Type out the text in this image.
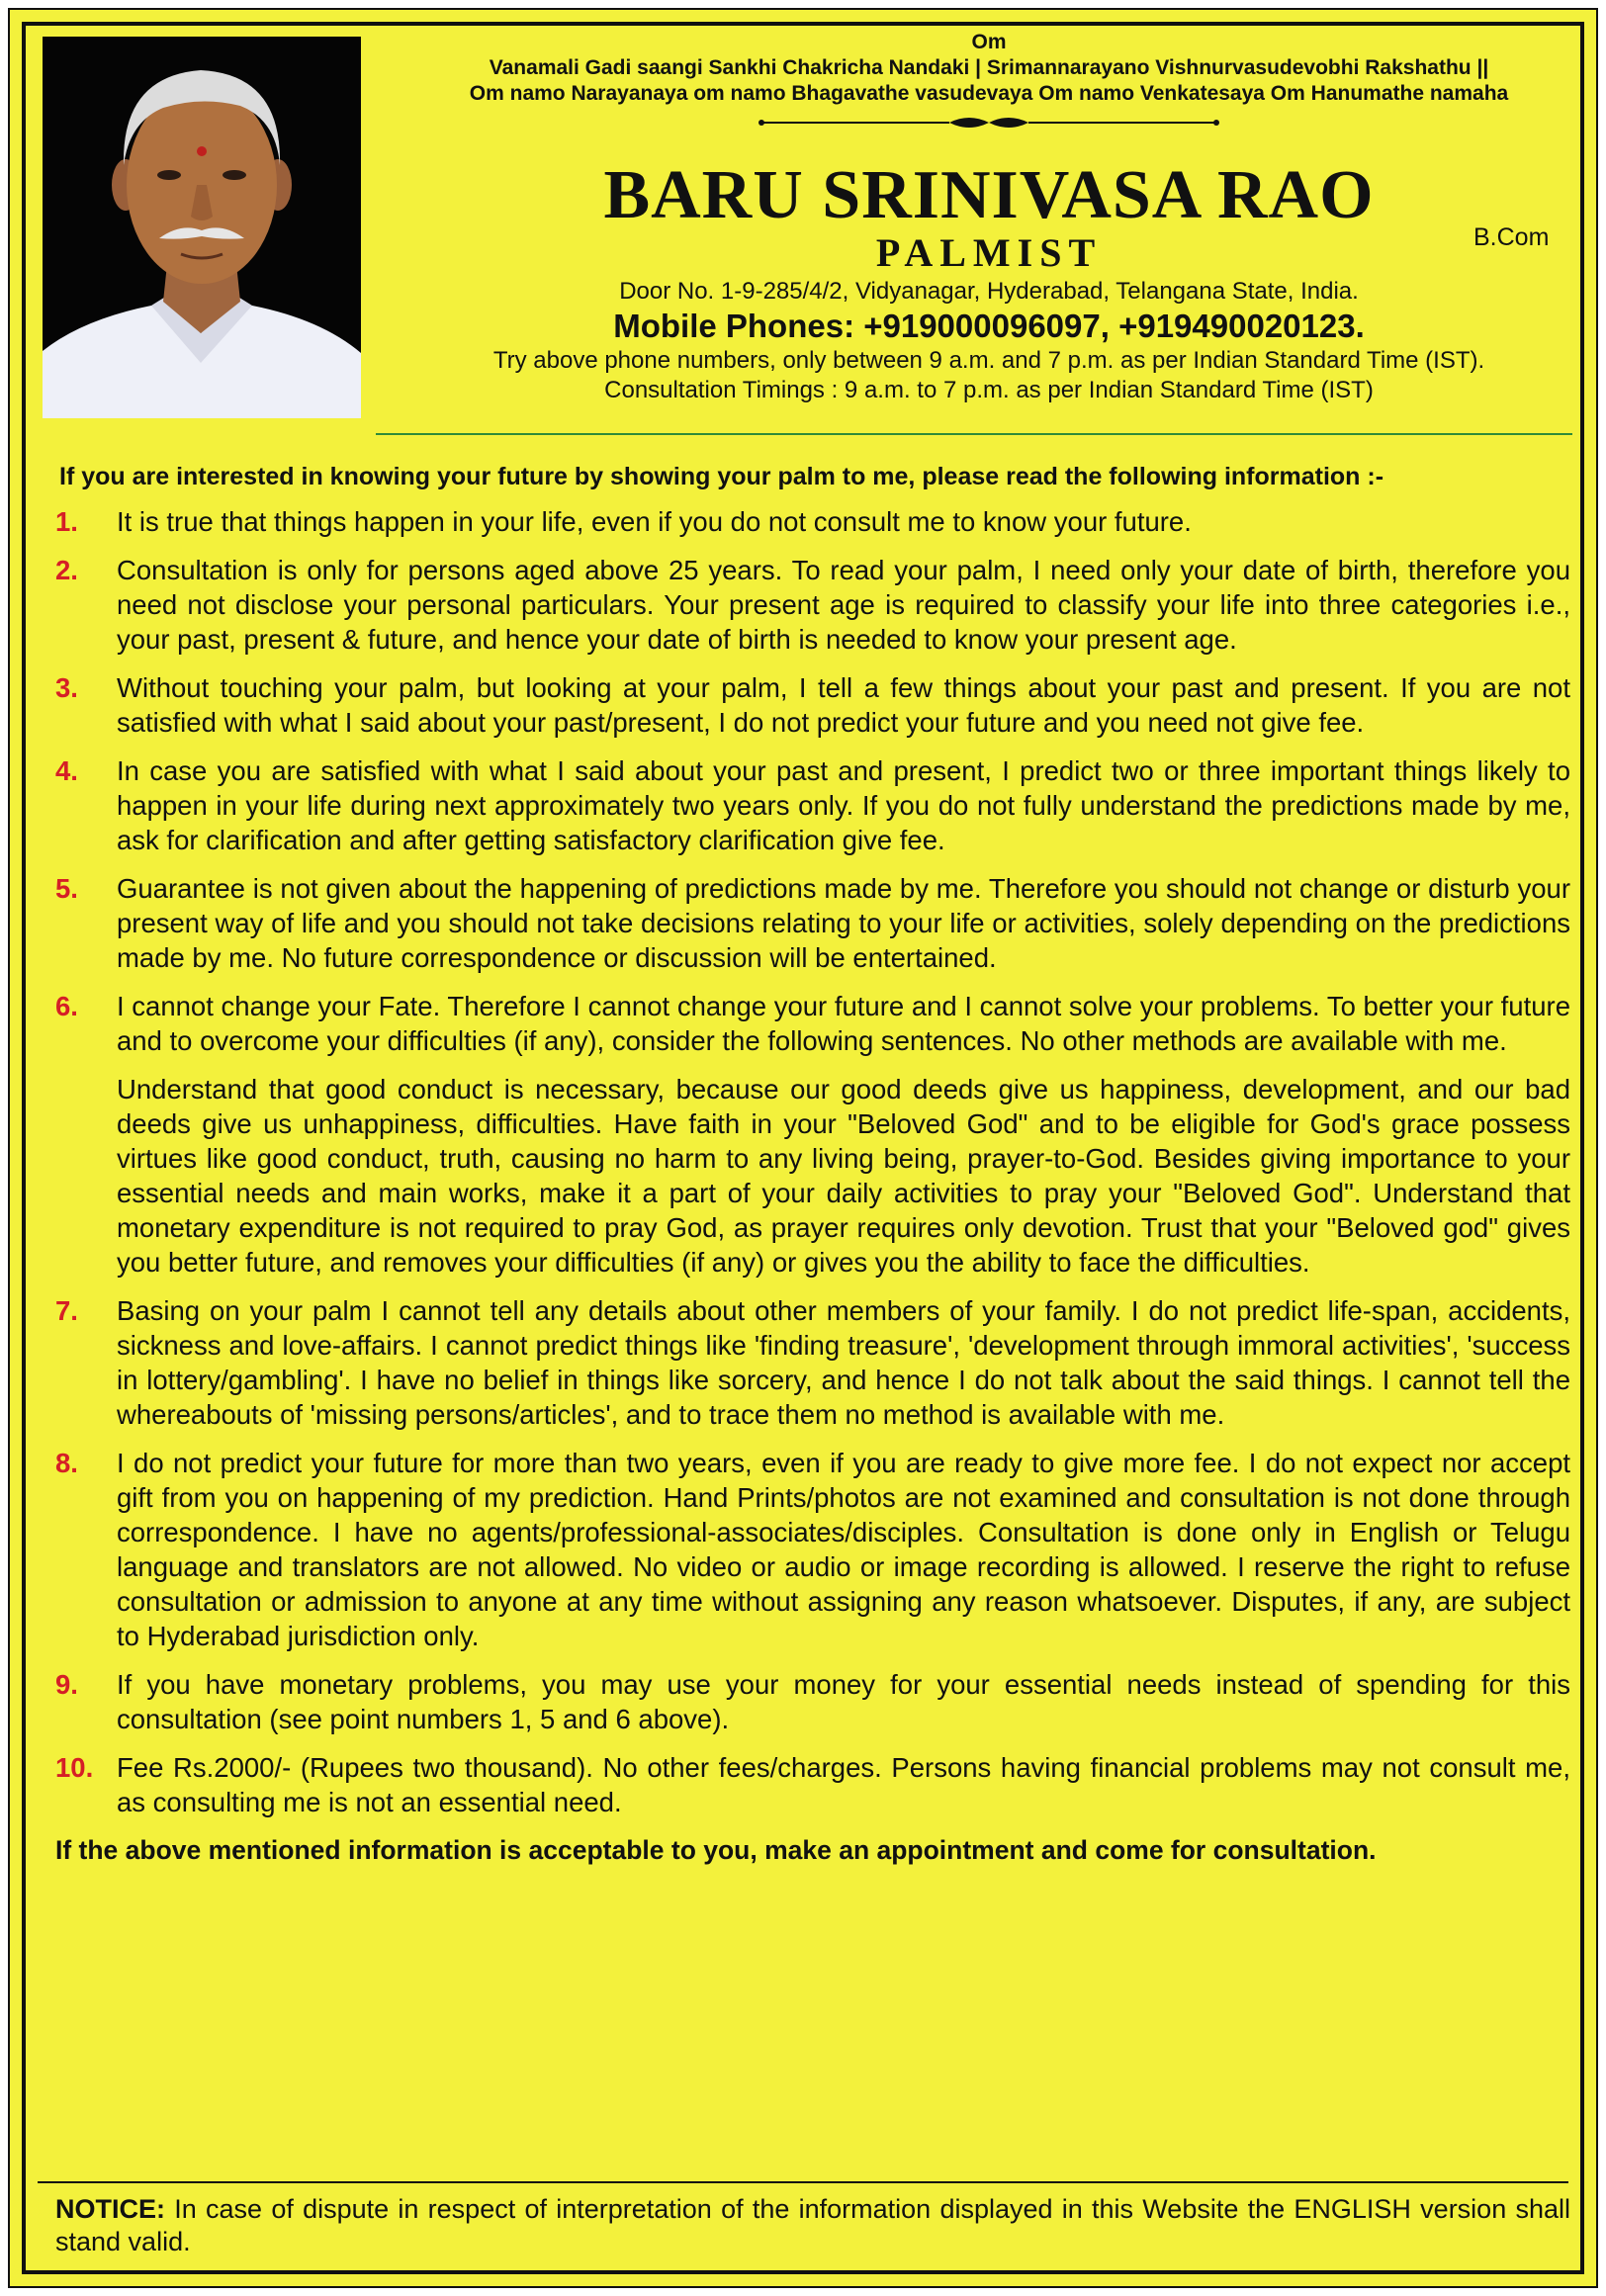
Om
Vanamali Gadi saangi Sankhi Chakricha Nandaki | Srimannarayano Vishnurvasudevobhi Rakshathu ||
Om namo Narayanaya om namo Bhagavathe vasudevaya Om namo Venkatesaya Om Hanumathe namaha
BARU SRINIVASA RAO
PALMIST	B.Com
Door No. 1-9-285/4/2, Vidyanagar, Hyderabad, Telangana State, India.
Mobile Phones: +919000096097, +919490020123.
Try above phone numbers, only between 9 a.m. and 7 p.m. as per Indian Standard Time (IST).
Consultation Timings : 9 a.m. to 7 p.m. as per Indian Standard Time (IST)
If you are interested in knowing your future by showing your palm to me, please read the following information :-
1. It is true that things happen in your life, even if you do not consult me to know your future.
2. Consultation is only for persons aged above 25 years. To read your palm, I need only your date of birth, therefore you need not disclose your personal particulars. Your present age is required to classify your life into three categories i.e., your past, present & future, and hence your date of birth is needed to know your present age.
3. Without touching your palm, but looking at your palm, I tell a few things about your past and present. If you are not satisfied with what I said about your past/present, I do not predict your future and you need not give fee.
4. In case you are satisfied with what I said about your past and present, I predict two or three important things likely to happen in your life during next approximately two years only. If you do not fully understand the predictions made by me, ask for clarification and after getting satisfactory clarification give fee.
5. Guarantee is not given about the happening of predictions made by me. Therefore you should not change or disturb your present way of life and you should not take decisions relating to your life or activities, solely depending on the predictions made by me. No future correspondence or discussion will be entertained.
6. I cannot change your Fate. Therefore I cannot change your future and I cannot solve your problems. To better your future and to overcome your difficulties (if any), consider the following sentences. No other methods are available with me.
Understand that good conduct is necessary, because our good deeds give us happiness, development, and our bad deeds give us unhappiness, difficulties. Have faith in your "Beloved God" and to be eligible for God's grace possess virtues like good conduct, truth, causing no harm to any living being, prayer-to-God. Besides giving importance to your essential needs and main works, make it a part of your daily activities to pray your "Beloved God". Understand that monetary expenditure is not required to pray God, as prayer requires only devotion. Trust that your "Beloved god" gives you better future, and removes your difficulties (if any) or gives you the ability to face the difficulties.
7. Basing on your palm I cannot tell any details about other members of your family. I do not predict life-span, accidents, sickness and love-affairs. I cannot predict things like 'finding treasure', 'development through immoral activities', 'success in lottery/gambling'. I have no belief in things like sorcery, and hence I do not talk about the said things. I cannot tell the whereabouts of 'missing persons/articles', and to trace them no method is available with me.
8. I do not predict your future for more than two years, even if you are ready to give more fee. I do not expect nor accept gift from you on happening of my prediction. Hand Prints/photos are not examined and consultation is not done through correspondence. I have no agents/professional-associates/disciples. Consultation is done only in English or Telugu language and translators are not allowed. No video or audio or image recording is allowed. I reserve the right to refuse consultation or admission to anyone at any time without assigning any reason whatsoever. Disputes, if any, are subject to Hyderabad jurisdiction only.
9. If you have monetary problems, you may use your money for your essential needs instead of spending for this consultation (see point numbers 1, 5 and 6 above).
10. Fee Rs.2000/- (Rupees two thousand). No other fees/charges. Persons having financial problems may not consult me, as consulting me is not an essential need.
If the above mentioned information is acceptable to you, make an appointment and come for consultation.
NOTICE: In case of dispute in respect of interpretation of the information displayed in this Website the ENGLISH version shall stand valid.
